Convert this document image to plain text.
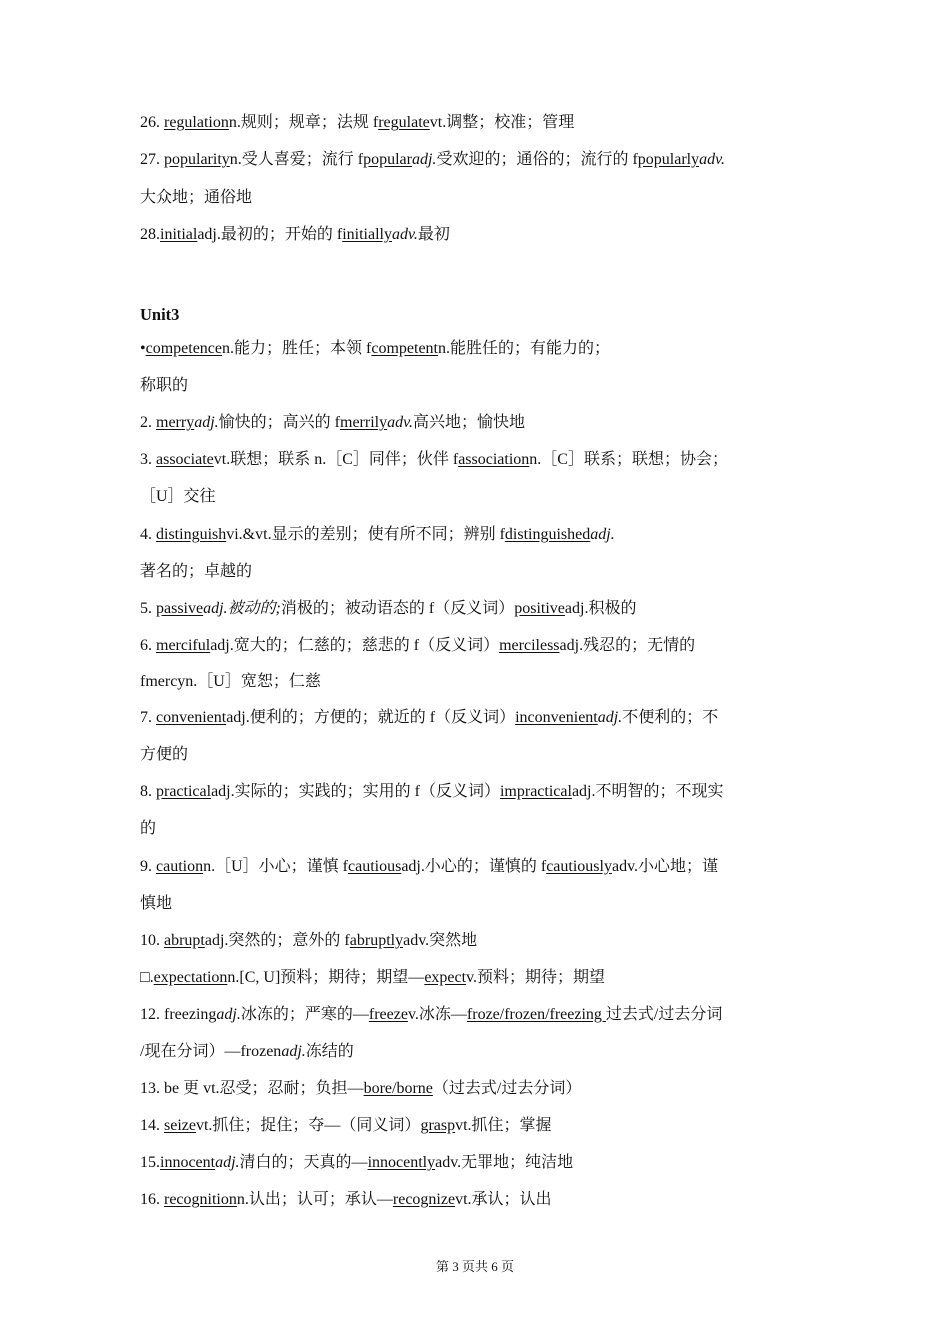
26. regulationn.规则；规章；法规 fregulatevt.调整；校准；管理
27. popularityn.受人喜爱；流行 fpopularadj.受欢迎的；通俗的；流行的 fpopularlyadv.
大众地；通俗地
28.initialadj.最初的；开始的 finitiallyadv.最初
Unit3
•competencen.能力；胜任；本领 fcompetentn.能胜任的；有能力的；
称职的
2. merryadj.愉快的；高兴的 fmerrilyadv.高兴地；愉快地
3. associatevt.联想；联系 n.［C］同伴；伙伴 fassociationn.［C］联系；联想；协会；
［U］交往
4. distinguishvi.&vt.显示的差别；使有所不同；辨别 fdistinguishedadj.
著名的；卓越的
5. passiveadj.被动的;消极的；被动语态的 f（反义词）positiveadj.积极的
6. mercifuladj.宽大的；仁慈的；慈悲的 f（反义词）mercilessadj.残忍的；无情的
fmercyn.［U］宽恕；仁慈
7. convenientadj.便利的；方便的；就近的 f（反义词）inconvenientadj.不便利的；不
方便的
8. practicaladj.实际的；实践的；实用的 f（反义词）impracticaladj.不明智的；不现实
的
9. cautionn.［U］小心；谨慎 fcautiousadj.小心的；谨慎的 fcautiouslyadv.小心地；谨
慎地
10. abruptadj.突然的；意外的 fabruptlyadv.突然地
□.expectationn.[C, U]预料；期待；期望—expectv.预料；期待；期望
12. freezingadj.冰冻的；严寒的—freezev.冰冻—froze/frozen/freezing 过去式/过去分词
/现在分词）—frozenadj.冻结的
13. be 更 vt.忍受；忍耐；负担—bore/borne（过去式/过去分词）
14. seizevt.抓住；捉住；夺—（同义词）graspvt.抓住；掌握
15.innocentadj.清白的；天真的—innocentlyadv.无罪地；纯洁地
16. recognitionn.认出；认可；承认—recognizevt.承认；认出
第 3 页共 6 页
